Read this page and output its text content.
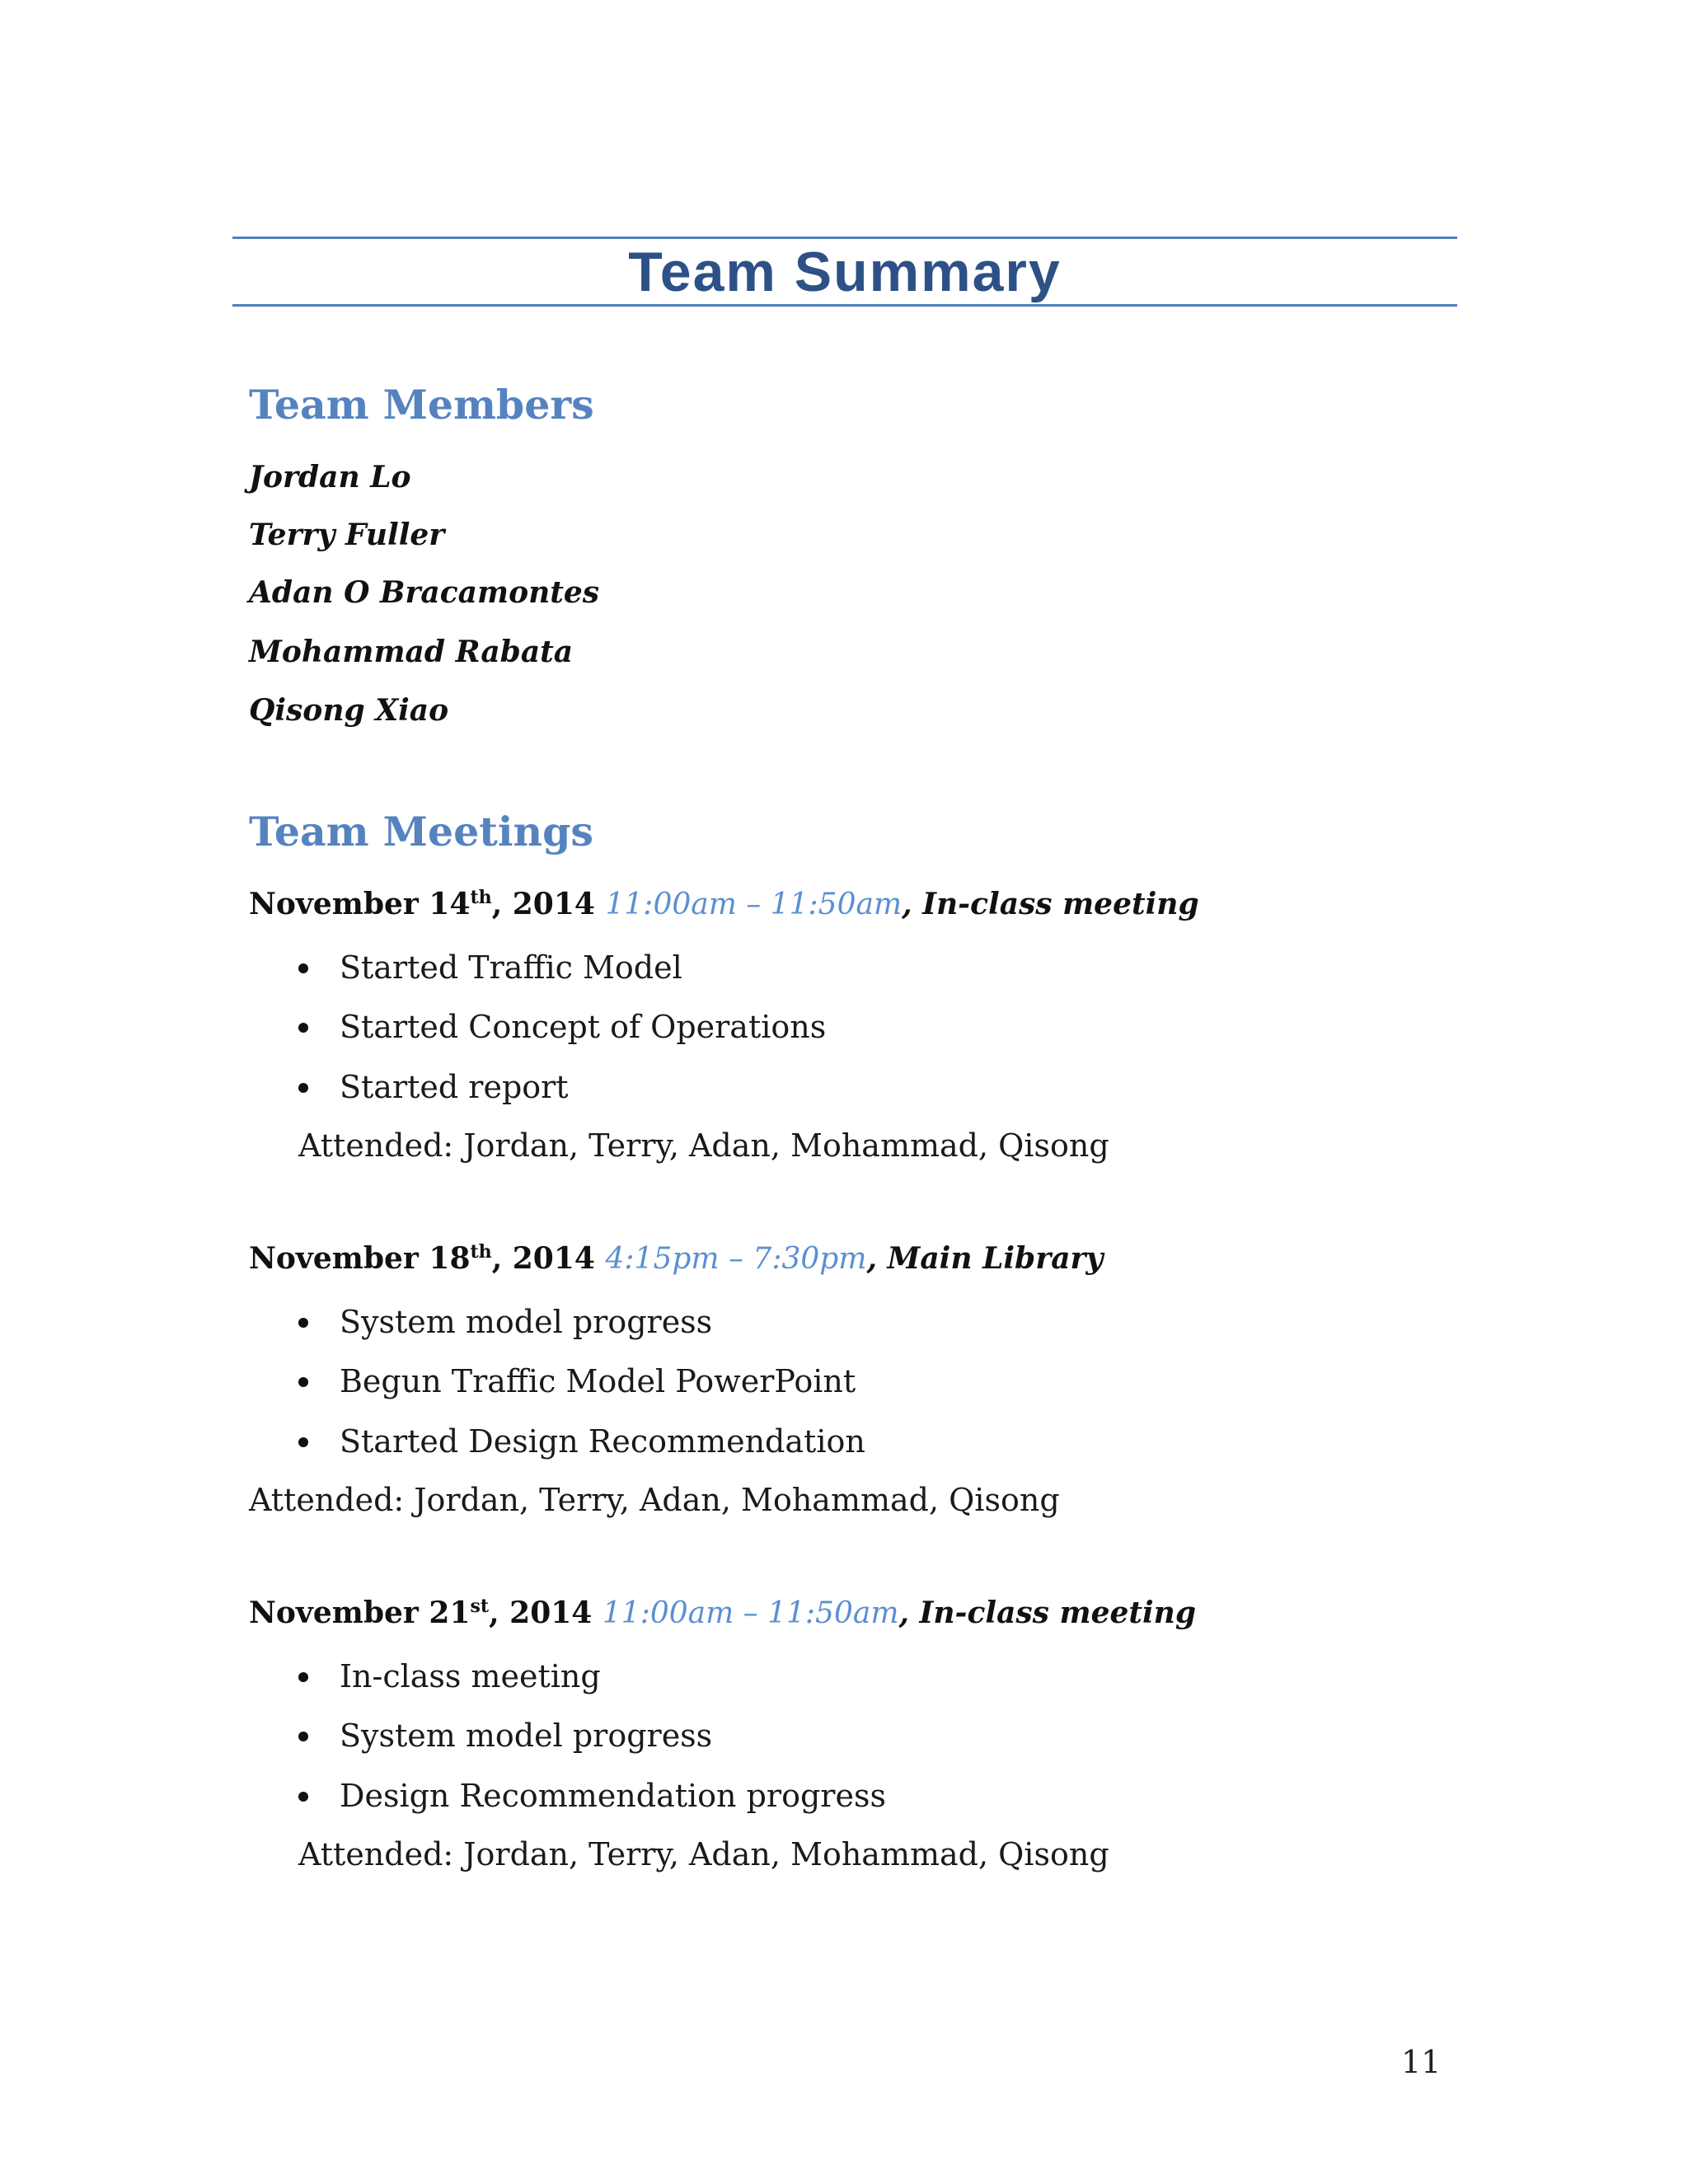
Team Summary
Team Members
Jordan Lo
Terry Fuller
Adan O Bracamontes
Mohammad Rabata
Qisong Xiao
Team Meetings
November 14th, 2014 11:00am – 11:50am, In-class meeting
Started Traffic Model
Started Concept of Operations
Started report
Attended: Jordan, Terry, Adan, Mohammad, Qisong
November 18th, 2014 4:15pm – 7:30pm, Main Library
System model progress
Begun Traffic Model PowerPoint
Started Design Recommendation
Attended: Jordan, Terry, Adan, Mohammad, Qisong
November 21st, 2014 11:00am – 11:50am, In-class meeting
In-class meeting
System model progress
Design Recommendation progress
Attended: Jordan, Terry, Adan, Mohammad, Qisong
11
